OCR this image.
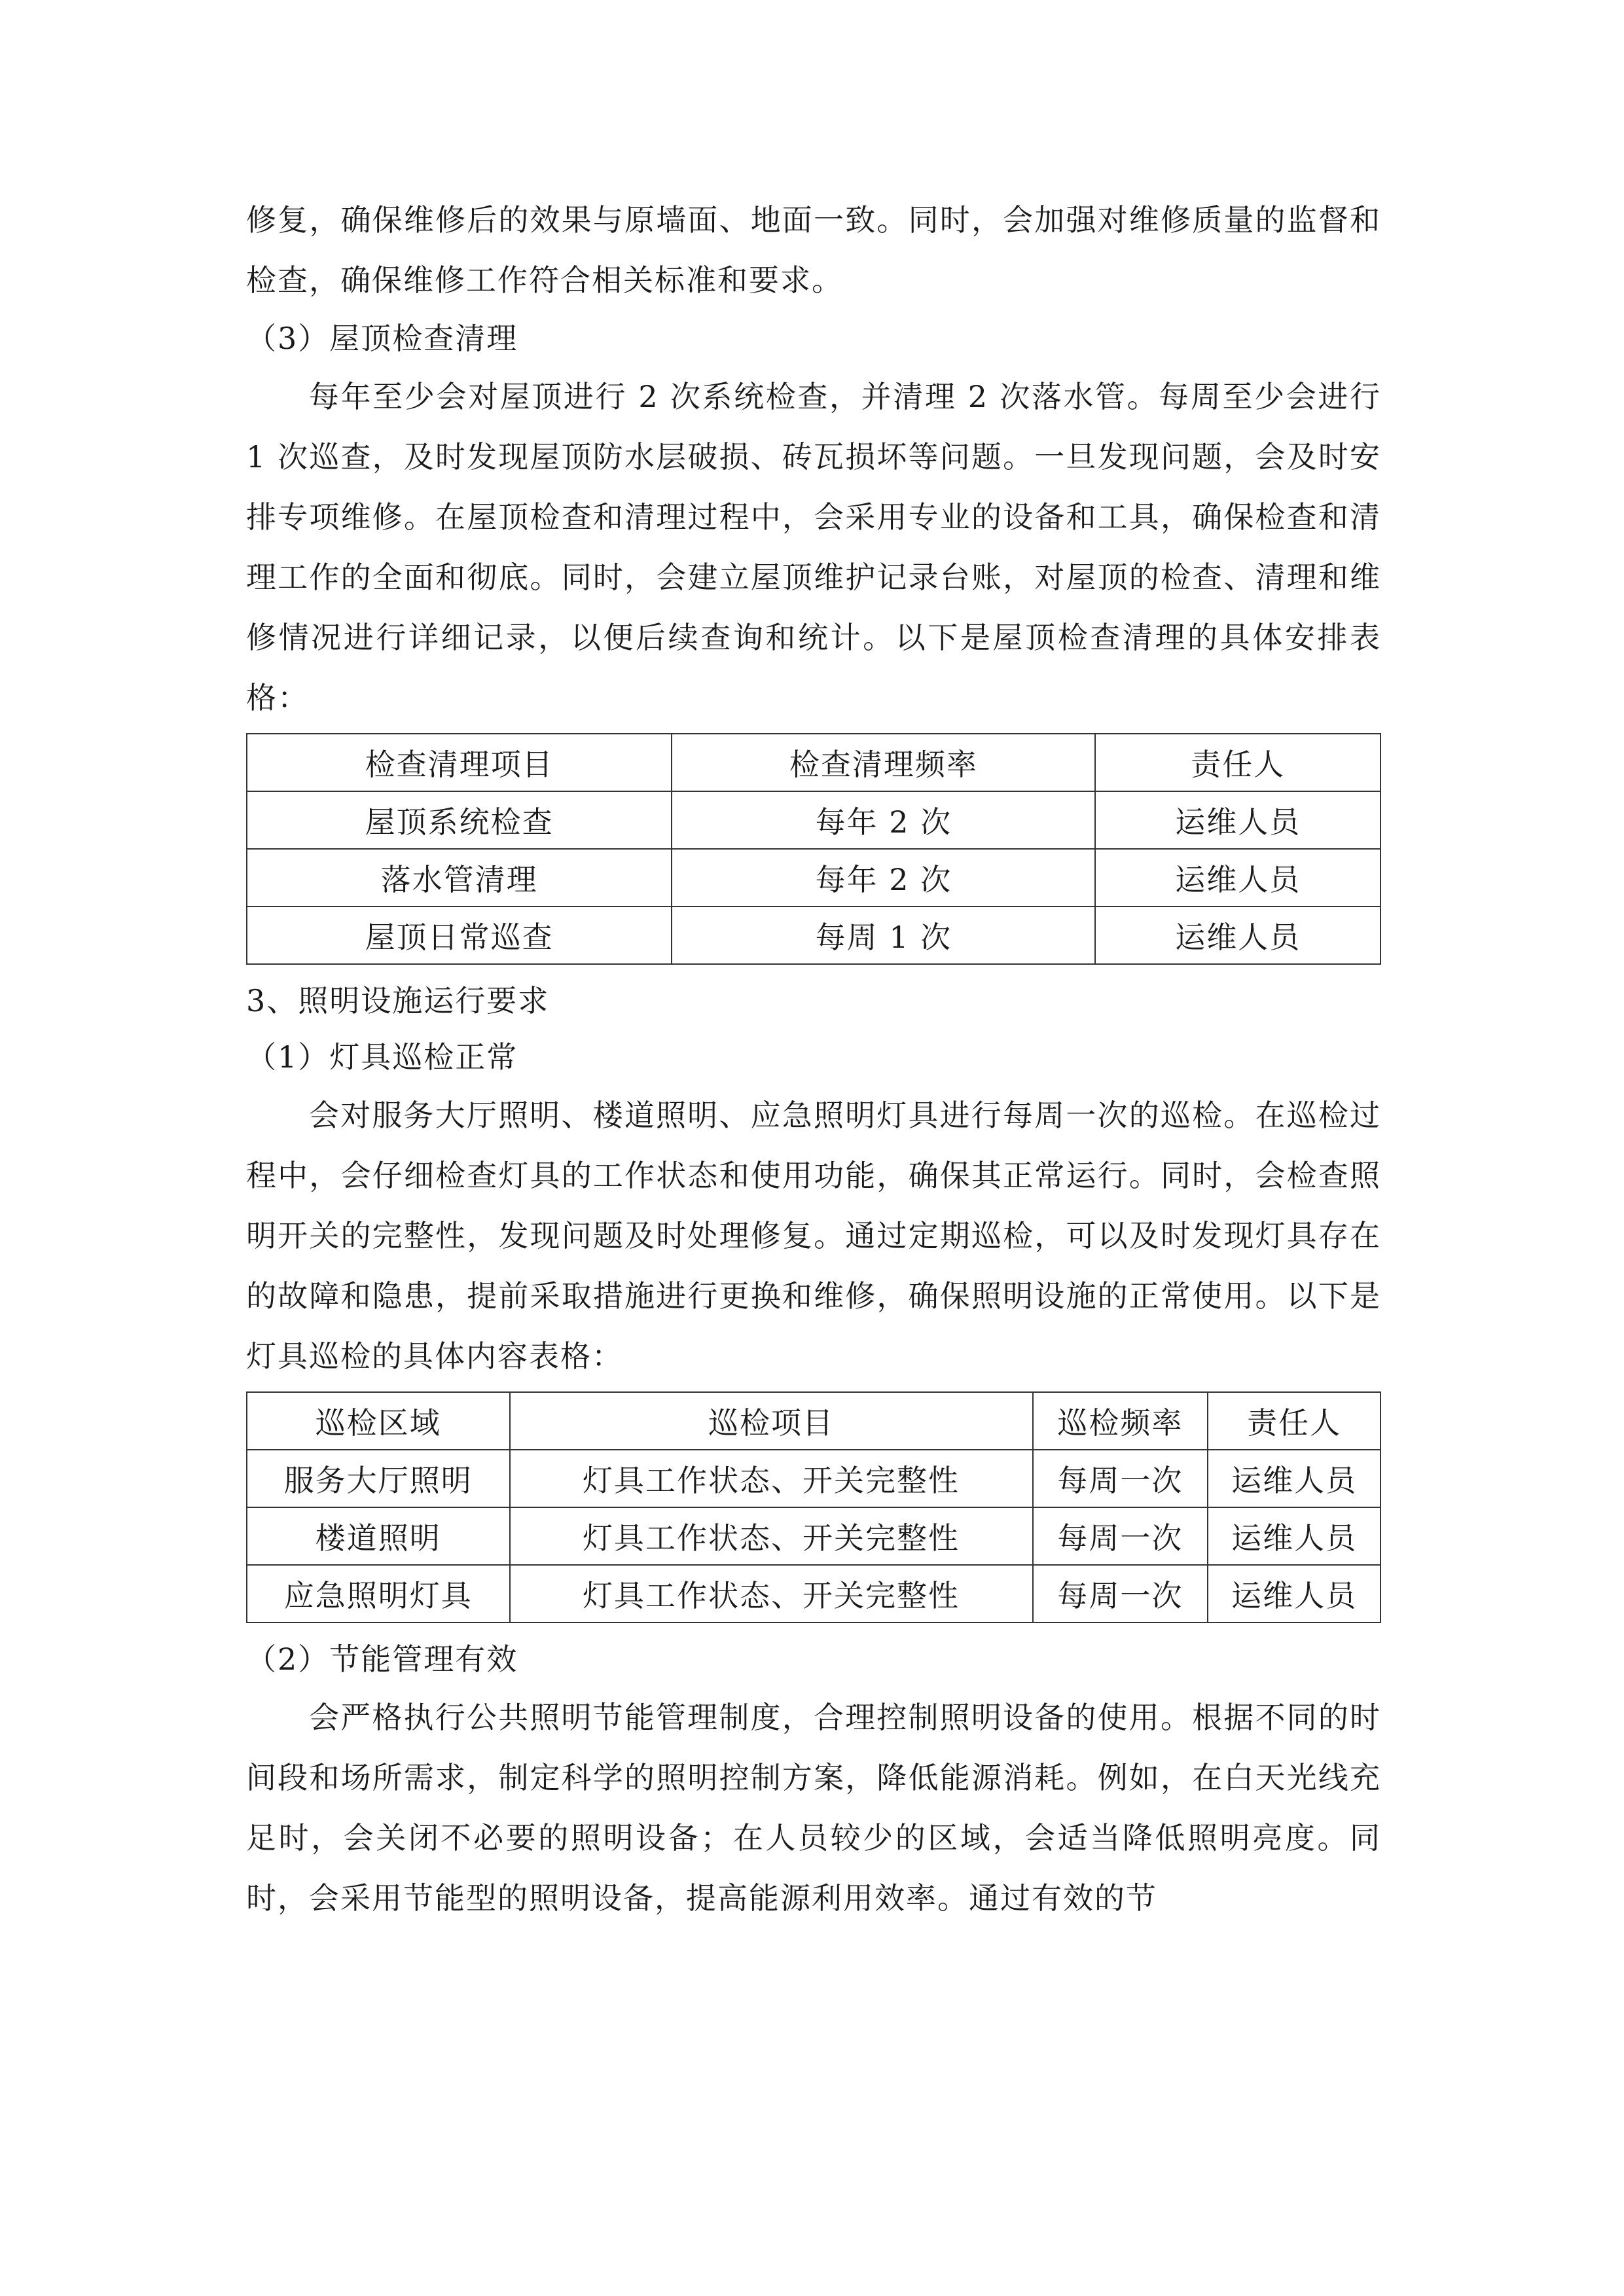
修复，确保维修后的效果与原墙面、地面一致。同时，会加强对维修质量的监督和检查，确保维修工作符合相关标准和要求。

（3）屋顶检查清理

每年至少会对屋顶进行 2 次系统检查，并清理 2 次落水管。每周至少会进行 1 次巡查，及时发现屋顶防水层破损、砖瓦损坏等问题。一旦发现问题，会及时安排专项维修。在屋顶检查和清理过程中，会采用专业的设备和工具，确保检查和清理工作的全面和彻底。同时，会建立屋顶维护记录台账，对屋顶的检查、清理和维修情况进行详细记录，以便后续查询和统计。以下是屋顶检查清理的具体安排表格：

检查清理项目	检查清理频率	责任人
屋顶系统检查	每年 2 次	运维人员
落水管清理	每年 2 次	运维人员
屋顶日常巡查	每周 1 次	运维人员

3、照明设施运行要求

（1）灯具巡检正常

会对服务大厅照明、楼道照明、应急照明灯具进行每周一次的巡检。在巡检过程中，会仔细检查灯具的工作状态和使用功能，确保其正常运行。同时，会检查照明开关的完整性，发现问题及时处理修复。通过定期巡检，可以及时发现灯具存在的故障和隐患，提前采取措施进行更换和维修，确保照明设施的正常使用。以下是灯具巡检的具体内容表格：

巡检区域	巡检项目	巡检频率	责任人
服务大厅照明	灯具工作状态、开关完整性	每周一次	运维人员
楼道照明	灯具工作状态、开关完整性	每周一次	运维人员
应急照明灯具	灯具工作状态、开关完整性	每周一次	运维人员

（2）节能管理有效

会严格执行公共照明节能管理制度，合理控制照明设备的使用。根据不同的时间段和场所需求，制定科学的照明控制方案，降低能源消耗。例如，在白天光线充足时，会关闭不必要的照明设备；在人员较少的区域，会适当降低照明亮度。同时，会采用节能型的照明设备，提高能源利用效率。通过有效的节
